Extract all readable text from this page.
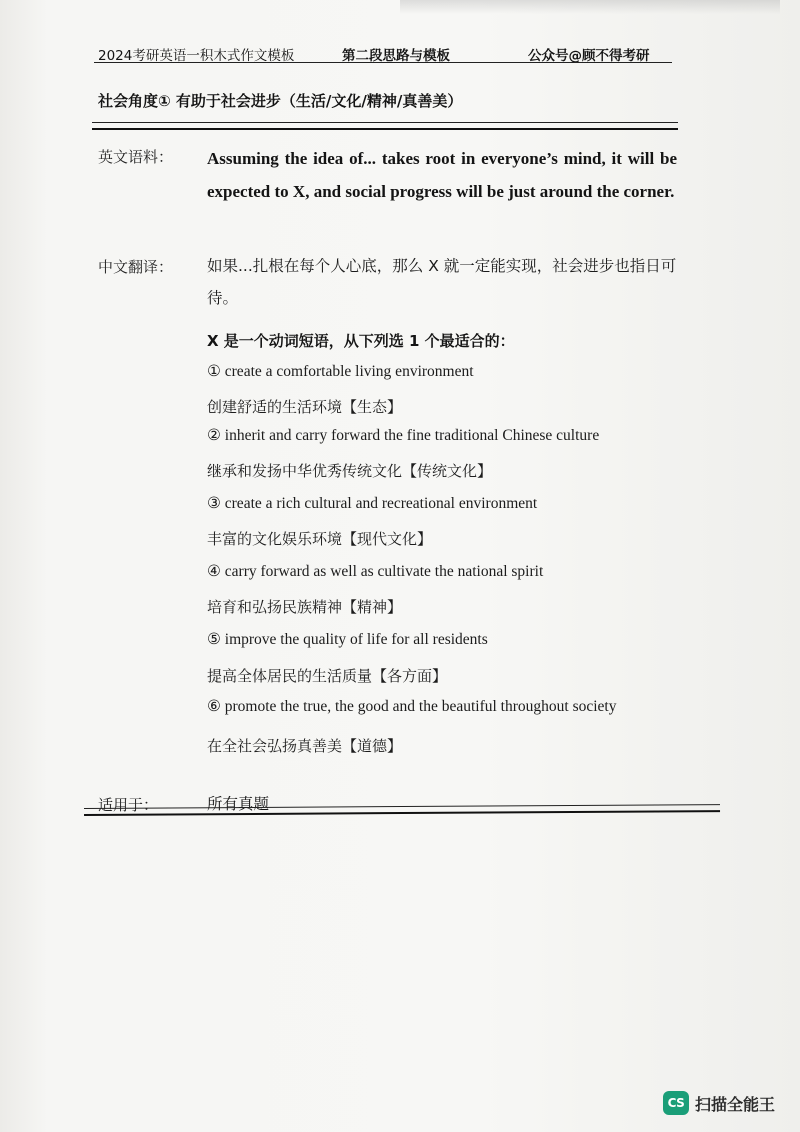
2024考研英语一积木式作文模板	第二段思路与模板	公众号@顾不得考研
社会角度① 有助于社会进步（生活/文化/精神/真善美）
英文语料： Assuming the idea of... takes root in everyone’s mind, it will be expected to X, and social progress will be just around the corner.
中文翻译： 如果...扎根在每个人心底，那么 X 就一定能实现，社会进步也指日可待。
X 是一个动词短语，从下列选 1 个最适合的：
① create a comfortable living environment
创建舒适的生活环境【生态】
② inherit and carry forward the fine traditional Chinese culture
继承和发扬中华优秀传统文化【传统文化】
③ create a rich cultural and recreational environment
丰富的文化娱乐环境【现代文化】
④ carry forward as well as cultivate the national spirit
培育和弘扬民族精神【精神】
⑤ improve the quality of life for all residents
提高全体居民的生活质量【各方面】
⑥ promote the true, the good and the beautiful throughout society
在全社会弘扬真善美【道德】
适用于：	所有真题
CS 扫描全能王
